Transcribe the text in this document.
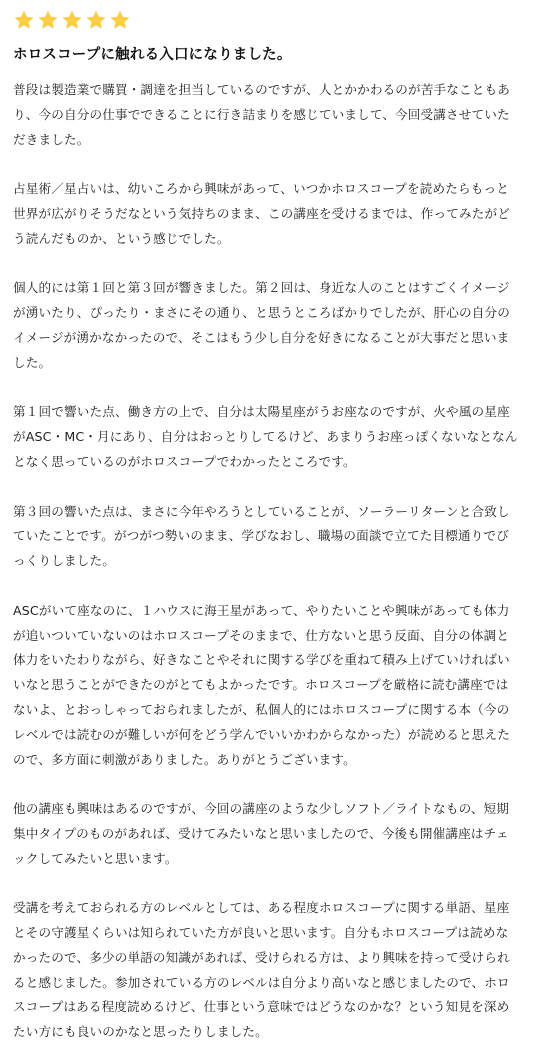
ホロスコープに触れる入口になりました。

普段は製造業で購買・調達を担当しているのですが、人とかかわるのが苦手なこともあり、今の自分の仕事でできることに行き詰まりを感じていまして、今回受講させていただきました。

占星術／星占いは、幼いころから興味があって、いつかホロスコープを読めたらもっと世界が広がりそうだなという気持ちのまま、この講座を受けるまでは、作ってみたがどう読んだものか、という感じでした。

個人的には第１回と第３回が響きました。第２回は、身近な人のことはすごくイメージが湧いたり、ぴったり・まさにその通り、と思うところばかりでしたが、肝心の自分のイメージが湧かなかったので、そこはもう少し自分を好きになることが大事だと思いました。

第１回で響いた点、働き方の上で、自分は太陽星座がうお座なのですが、火や風の星座がASC・MC・月にあり、自分はおっとりしてるけど、あまりうお座っぽくないなとなんとなく思っているのがホロスコープでわかったところです。

第３回の響いた点は、まさに今年やろうとしていることが、ソーラーリターンと合致していたことです。がつがつ勢いのまま、学びなおし、職場の面談で立てた目標通りでびっくりしました。

ASCがいて座なのに、１ハウスに海王星があって、やりたいことや興味があっても体力が追いついていないのはホロスコープそのままで、仕方ないと思う反面、自分の体調と体力をいたわりながら、好きなことやそれに関する学びを重ねて積み上げていければいいなと思うことができたのがとてもよかったです。ホロスコープを厳格に読む講座ではないよ、とおっしゃっておられましたが、私個人的にはホロスコープに関する本（今のレベルでは読むのが難しいが何をどう学んでいいかわからなかった）が読めると思えたので、多方面に刺激がありました。ありがとうございます。

他の講座も興味はあるのですが、今回の講座のような少しソフト／ライトなもの、短期集中タイプのものがあれば、受けてみたいなと思いましたので、今後も開催講座はチェックしてみたいと思います。

受講を考えておられる方のレベルとしては、ある程度ホロスコープに関する単語、星座とその守護星くらいは知られていた方が良いと思います。自分もホロスコープは読めなかったので、多少の単語の知識があれば、受けられる方は、より興味を持って受けられると感じました。参加されている方のレベルは自分より高いなと感じましたので、ホロスコープはある程度読めるけど、仕事という意味ではどうなのかな？という知見を深めたい方にも良いのかなと思ったりしました。
